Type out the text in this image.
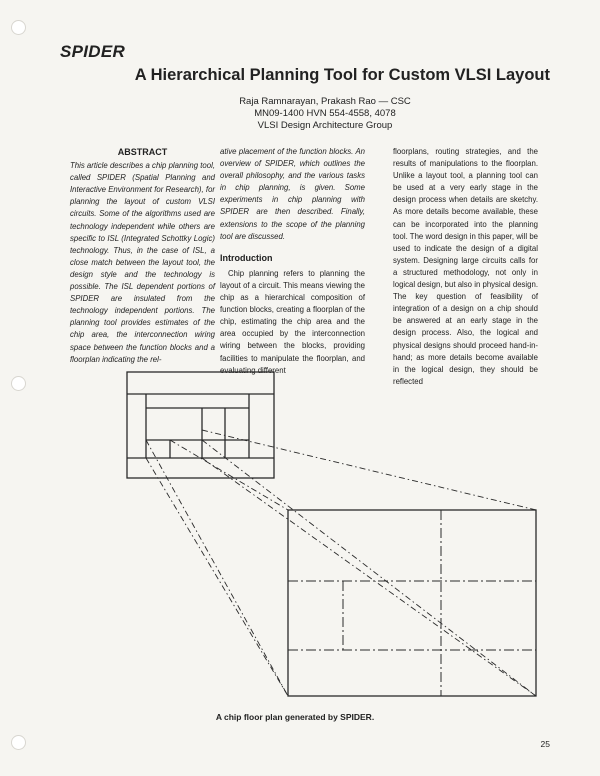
SPIDER
A Hierarchical Planning Tool for Custom VLSI Layout
Raja Ramnarayan, Prakash Rao — CSC
MN09-1400 HVN 554-4558, 4078
VLSI Design Architecture Group
ABSTRACT

This article describes a chip planning tool, called SPIDER (Spatial Planning and Interactive Environment for Research), for planning the layout of custom VLSI circuits. Some of the algorithms used are technology independent while others are specific to ISL (Integrated Schottky Logic) technology. Thus, in the case of ISL, a close match between the layout tool, the design style and the technology is possible. The ISL dependent portions of SPIDER are insulated from the technology independent portions. The planning tool provides estimates of the chip area, the interconnection wiring space between the function blocks and a floorplan indicating the rel-

ative placement of the function blocks. An overview of SPIDER, which outlines the overall philosophy, and the various tasks in chip planning, is given. Some experiments in chip planning with SPIDER are then described. Finally, extensions to the scope of the planning tool are discussed.

Introduction

Chip planning refers to planning the layout of a circuit. This means viewing the chip as a hierarchical composition of function blocks, creating a floorplan of the chip, estimating the chip area and the area occupied by the interconnection wiring between the blocks, providing facilities to manipulate the floorplan, and evaluating different

floorplans, routing strategies, and the results of manipulations to the floorplan. Unlike a layout tool, a planning tool can be used at a very early stage in the design process when details are sketchy. As more details become available, these can be incorporated into the planning tool. The word design in this paper, will be used to indicate the design of a digital system. Designing large circuits calls for a structured methodology, not only in logical design, but also in physical design. The key question of feasibility of integration of a design on a chip should be answered at an early stage in the design process. Also, the logical and physical designs should proceed hand-in-hand; as more details become available in the logical design, they should be reflected

A chip floor plan generated by SPIDER.
25
